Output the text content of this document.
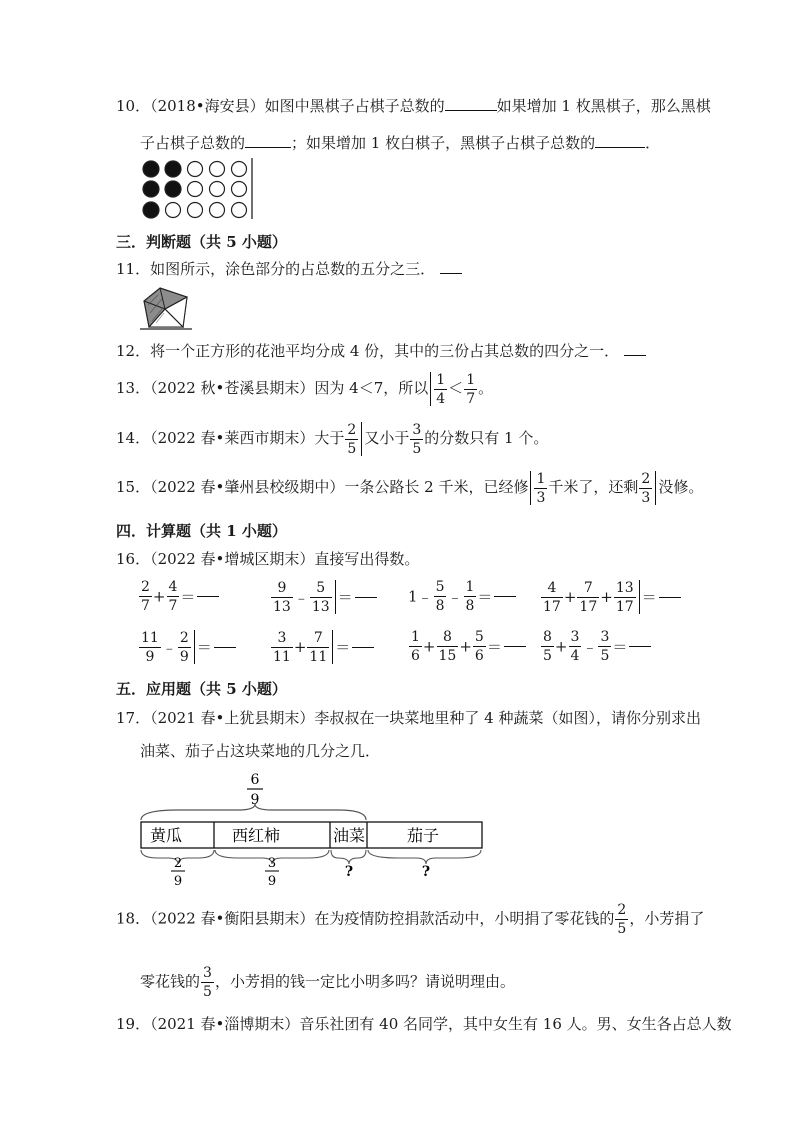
10．（2018•海安县）如图中黑棋子占棋子总数的	如果增加 1 枚黑棋子，那么黑棋
子占棋子总数的	；如果增加 1 枚白棋子，黑棋子占棋子总数的	．
三．判断题（共 5 小题）
11．如图所示，涂色部分的占总数的五分之三．
12．将一个正方形的花池平均分成 4 份，其中的三份占其总数的四分之一．
13．（2022 秋•苍溪县期末）因为 4＜7，所以 $\frac{1}{4} < \frac{1}{7}$ 。
14．（2022 春•莱西市期末）大于 $\frac{2}{5}$ 又小于 $\frac{3}{5}$ 的分数只有 1 个。
15．（2022 春•肇州县校级期中）一条公路长 2 千米，已经修 $\frac{1}{3}$ 千米了，还剩 $\frac{2}{3}$ 没修。
四．计算题（共 1 小题）
16．（2022 春•增城区期末）直接写出得数。
$\frac{2}{7} + \frac{4}{7}$ ＝	$\frac{9}{13}$ ﹣ $\frac{5}{13}$ ＝	1﹣ $\frac{5}{8}$ ﹣ $\frac{1}{8}$ ＝	$\frac{4}{17} + \frac{7}{17} + \frac{13}{17}$ ＝
$\frac{11}{9}$ ﹣ $\frac{2}{9}$ ＝	$\frac{3}{11} + \frac{7}{11}$ ＝	$\frac{1}{6} + \frac{8}{15} + \frac{5}{6}$ ＝	$\frac{8}{5} + \frac{3}{4}$ ﹣ $\frac{3}{5}$ ＝
五．应用题（共 5 小题）
17．（2021 春•上犹县期末）李叔叔在一块菜地里种了 4 种蔬菜（如图），请你分别求出
油菜、茄子占这块菜地的几分之几．
6
9
黄瓜	西红柿	油菜	茄子
2
9
3
9
?	?
18．（2022 春•衡阳县期末）在为疫情防控捐款活动中，小明捐了零花钱的 $\frac{2}{5}$ ，小芳捐了
零花钱的 $\frac{3}{5}$ ，小芳捐的钱一定比小明多吗？请说明理由。
19．（2021 春•淄博期末）音乐社团有 40 名同学，其中女生有 16 人。男、女生各占总人数
